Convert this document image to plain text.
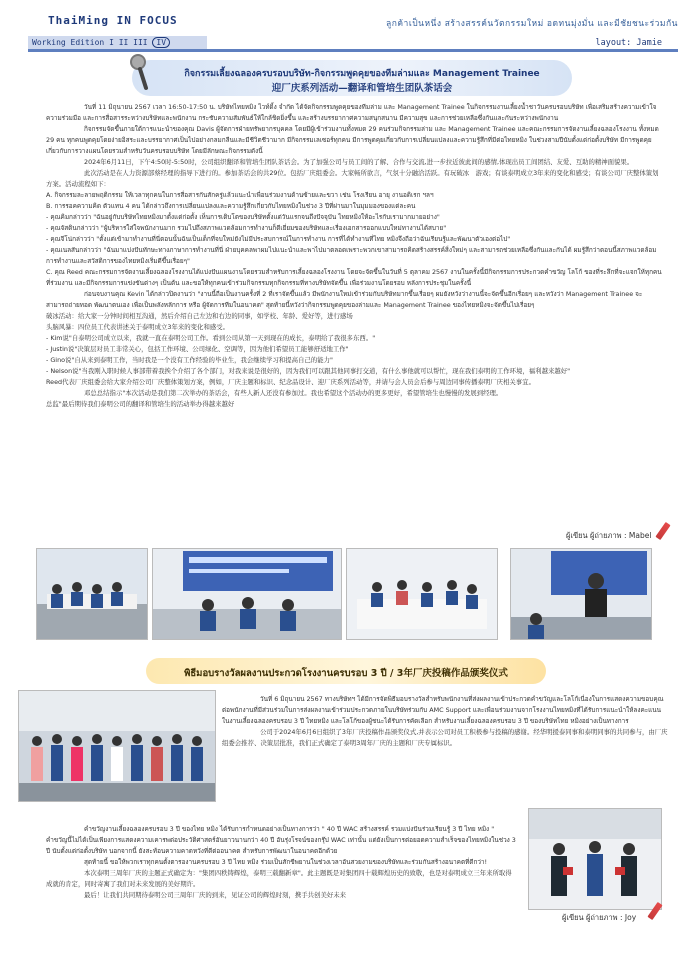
ThaiMing IN FOCUS	ลูกค้าเป็นหนึ่ง สร้างสรรค์นวัตกรรมใหม่ อดทนมุ่งมั่น และมีชัยชนะร่วมกัน
Working Edition I II III IV	layout: Jamie
กิจกรรมเลี้ยงฉลองครบรอบบริษัท-กิจกรรมพูดคุยของทีมล่ามและ Management Trainee
迎厂庆系列活动—翻译和管培生团队茶话会

วันที่ 11 มิถุนายน 2567 เวลา 16:50-17:50 น. บริษัทไทยหมิง ไวท์ดิ้ง จำกัด ได้จัดกิจกรรมพูดคุยของทีมล่าม และ Management Trainee ในกิจกรรมงานเลี้ยงน้ำชาวันครบรอบบริษัท เพื่อเสริมสร้างความเข้าใจ ความร่วมมือ และการสื่อสารระหว่างบริษัทและพนักงาน กระชับความสัมพันธ์ให้ใกล้ชิดยิ่งขึ้น และสร้างบรรยากาศความสนุกสนาน มีความสุข และการช่วยเหลือซึ่งกันและกันระหว่างพนักงาน

กิจกรรมจัดขึ้นภายใต้การแนะนำของคุณ Davis ผู้จัดการฝ่ายทรัพยากรบุคคล โดยมีผู้เข้าร่วมงานทั้งหมด 29 คนร่วมกิจกรรมล่าม และ Management Trainee และคณะกรรมการจัดงานเลี้ยงฉลองโรงงาน ทั้งหมด 29 คน ทุกคนพูดคุยโดยง่ายอิสระและบรรยากาศเป็นไปอย่างกลมกลืนและมีชีวิตชีวามาก มีกิจกรรมเลเซอร์ทุกคน มีการพูดคุยเกี่ยวกับการเปลี่ยนแปลงและความรู้สึกที่มีต่อไทยหมิง ในช่วงสามปีนับตั้งแต่ก่อตั้งบริษัท มีการพูดคุยเกี่ยวกับการวางแผนโดยรวมสำหรับวันครบรอบบริษัท โดยมีลักษณะกิจกรรมดังนี้

2024年6月11日，下午4:50时-5:50时，公司组织翻译和管培生团队茶话会。为了加强公司与员工间的了解、合作与交流,进一步拉近彼此间的感情,体现出员工间团结、友爱、互助的精神面貌果。

此次活动是在人力资源部蔡经理的指导下进行的。参加茶话会的共29位。包括厂庆组委会。大家畅所欲言，气氛十分融洽活跃。有玩破冰　游戏；有谈泰明成立3年来的变化和感受；有谈公司厂庆整体策划方案。活动流程如下：

A. กิจกรรมละลายพฤติกรรม ให้เวลาทุกคนในการสื่อสารกันสักครู่แล้วแนะนำเพื่อนร่วมงานด้านซ้ายและขวา เช่น โรงเรียน อายุ งานอดิเรก ฯลฯ

B. การรอคความคิด ตัวแทน 4 คน ได้กล่าวถึงการเปลี่ยนแปลงและความรู้สึกเกี่ยวกับไทยหมิงในช่วง 3 ปีที่ผ่านมาในมุมมองของแต่ละคน

- คุณคิมกล่าวว่า "ฉันอยู่กับบริษัทไทยหมิงมาตั้งแต่ก่อตั้ง เห็นการเติบโตของบริษัทตั้งแต่วันแรกจนถึงปัจจุบัน ไทยหมิงให้อะไรกับเรามากมายอย่าง"

- คุณจัสตินกล่าวว่า "ผู้บริหารใส่ใจพนักงานมาก รวมไปถึงสภาพแวดล้อมการทำงานก็ดีเยี่ยมของบริษัทและเรื่องเอกสารออกแบบใหม่ทางานได้สบาย"

- คุณจีโน่กล่าวว่า "ตั้งแต่เข้ามาทำงานที่นี่ตอนนั้นฉันเป็นเด็กที่จบใหม่ยังไม่มีประสบการณ์ในการทำงาน การที่ได้ทำงานที่ไทย หมิงจึงถือว่าฉันเรียนรู้และพัฒนาตัวเองต่อไป"

- คุณเนลสันกล่าวว่า "ฉันมาแบ่งปันทักษะทางภาษาการทำงานที่นี่ ฝ่ายบุคคลพาผมไปแนะนำและพาไปมาตลอดเพราะพวกเขาสามารถคิดสร้างสรรค์สิ่งใหม่ๆ และสามารถช่วยเหลือซึ่งกันและกันได้ ผมรู้สึกว่าตอนนี้สภาพแวดล้อมการทำงานและสวัสดิการของไทยหมิงเริ่มดีขึ้นเรื่อยๆ"

C. คุณ Reed คณะกรรมการจัดงานเลี้ยงฉลองโรงงานได้แบ่งปันแผนงานโดยรวมสำหรับการเลี้ยงฉลองโรงงาน โดยจะจัดขึ้นในวันที่ 5 ตุลาคม 2567 งานในครั้งนี้มีกิจกรรมการประกวดคำขวัญ โลโก้ ของที่ระลึกที่จะแจกให้ทุกคนที่ร่วมงาน และมีกิจกรรมการแข่งขันต่างๆ เป็นต้น และขอให้ทุกคนเข้าร่วมกิจกรรมทุกกิจกรรมที่ทางบริษัทจัดขึ้น เพื่อร่วมงานโดยรอบ หลังการประชุมในครั้งนี้

ก่อนจบงานคุณ Kevin ได้กล่าวปิดงานว่า "งานนี้ถือเป็นงานครั้งที่ 2 ที่เราจัดขึ้นแล้ว มีพนักงานใหม่เข้าร่วมกับบริษัทมากขึ้นเรื่อยๆ ผมยังหวังว่างานนี้จะจัดขึ้นอีกเรื่อยๆ และหวังว่า Management Trainee จะสามารถถ่ายทอด พัฒนาตนเอง เพื่อเป็นพลังหลักการ หรือ ผู้จัดการทีมในอนาคต" สุดท้ายนี้หวังว่ากิจกรรมพูดคุยของล่ามและ Management Trainee ของไทยหมิงจะจัดขึ้นไปเรื่อยๆ

破冰活动：给大家一分钟时间相互沟通，然后介绍自己左边和右边的同事，如学校、年龄、爱好等，进行感场

头脑风暴：四位员工代表讲述关于泰明成立3年来的变化和感受。

- Kim说"自泰明公司成立以来，我就一直在泰明公司工作。看到公司从第一天到现在的成长，泰明给了我很多东西。"

- Justin说"决策层对员工非常关心，包括工作环境、公司绿化、空调等，因为他们希望员工能够舒适地工作"

- Gino说"自从来到泰明工作，当时我是一个没有工作经验的毕业生，我会继续学习和提高自己的能力"

- Nelson说"当我刚入职时候人事部带着我挨个介绍了各个部门，对我来说是很好的，因为我们可以跟其他同事打交道，有什么事他就可以帮忙，现在我们泰明的工作环境，福利越来越好"

Reed代表厂庆组委会给大家介绍公司厂庆整体策划方案，例如，厂庆主题和标识、纪念品设计、迎厂庆系列活动等，并请与会人员会后参与周边同事传播泰明厂庆相关事宜。

邓总总结指示"本次活动是我们第二次举办的茶话会，有些人新人还没有参加过。我也希望这个活动办的更多更好，希望管培生也慢慢的发展到经理。

总监"最后期待我们泰明公司的翻译和管培生的活动举办得越来越好

ผู้เขียน ผู้ถ่ายภาพ : Mabel
พิธีมอบรางวัลผลงานประกวดโรงงานครบรอบ 3 ปี / 3年厂庆投稿作品颁奖仪式

วันที่ 6 มิถุนายน 2567 ทางบริษัทฯ ได้มีการจัดพิธีมอบรางวัลสำหรับพนักงานที่ส่งผลงานเข้าประกวดคำขวัญและโลโก้เนื่องในการแสดงความขอบคุณต่อพนักงานที่มีส่วนร่วมในการส่งผลงานเข้าร่วมประกวดภายในบริษัทร่วมกับ AMC Support และเพื่อนร่วมงานจากโรงงานไทยหมิงที่ได้รับการแนะนำให้ลงคะแนนในงานเลี้ยงฉลองครบรอบ 3 ปี ไทยหมิง และโลโก้ของผู้ชนะได้รับการคัดเลือก สำหรับงานเลี้ยงฉลองครบรอบ 3 ปี ของบริษัทไทย หมิงอย่างเป็นทางการ

公司于2024年6月6日组织了3年厂庆投稿作品颁奖仪式,并表示公司对员工积极参与投稿的感谢。经华明援泰同事和泰明同事的共同参与，由厂庆组委会推荐、决策层批准，我们正式确定了泰明3周年厂庆的主题和厂庆专属标识。

คำขวัญงานเลี้ยงฉลองครบรอบ 3 ปี ของไทย หมิง ได้รับการกำหนดอย่างเป็นทางการว่า " 40 ปี WAC สร้างสรรค์ รวมแบ่งปันร่วมเรียนรู้ 3 ปี ไทย หมิง " คำขวัญนี้ไม่ได้เป็นเพียงการแสดงความเคารพต่อประวัติศาสตร์อันยาวนานกว่า 40 ปี อันรุ่งโรจน์ของกรุ๊ป WAC เท่านั้น แต่ยังเป็นการต่อยอดความสำเร็จของไทยหมิงในช่วง 3 ปี นับตั้งแต่ก่อตั้งบริษัท นอกจากนี้ ยังสะท้อนความคาดหวังที่ดีต่ออนาคต สำหรับการพัฒนาในอนาคตอีกด้วย

สุดท้ายนี้ ขอให้พวกเราทุกคนตั้งตารองานครบรอบ 3 ปี ไทย หมิง ร่วมเป็นสักขีพยานในช่วงเวลาอันสวยงามของบริษัทและร่วมกันสร้างอนาคตที่ดีกว่า!

本次泰明三周年厂庆的主题正式确定为："集团四秩铸辉煌，泰明三载翻新章"。此主题既是对集团四十载辉煌历史的致敬，也是对泰明成立三年来所取得成就的肯定，同时寄寓了我们对未来发展的美好期许。

最后！让我们共同期待泰明公司三周年厂庆的到来，见证公司的辉煌时刻，携手共创美好未来

ผู้เขียน ผู้ถ่ายภาพ : Joy
